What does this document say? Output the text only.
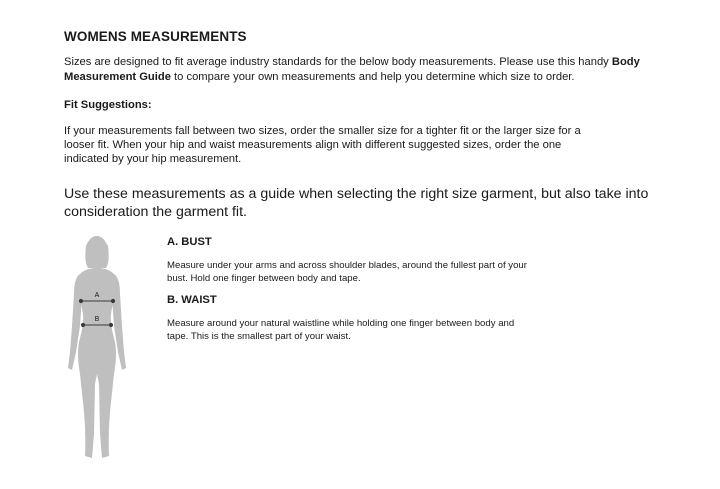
WOMENS MEASUREMENTS
Sizes are designed to fit average industry standards for the below body measurements. Please use this handy Body Measurement Guide to compare your own measurements and help you determine which size to order.
Fit Suggestions:
If your measurements fall between two sizes, order the smaller size for a tighter fit or the larger size for a looser fit. When your hip and waist measurements align with different suggested sizes, order the one indicated by your hip measurement.
Use these measurements as a guide when selecting the right size garment, but also take into consideration the garment fit.
A
B
A. BUST
Measure under your arms and across shoulder blades, around the fullest part of your bust. Hold one finger between body and tape.
B. WAIST
Measure around your natural waistline while holding one finger between body and tape. This is the smallest part of your waist.
